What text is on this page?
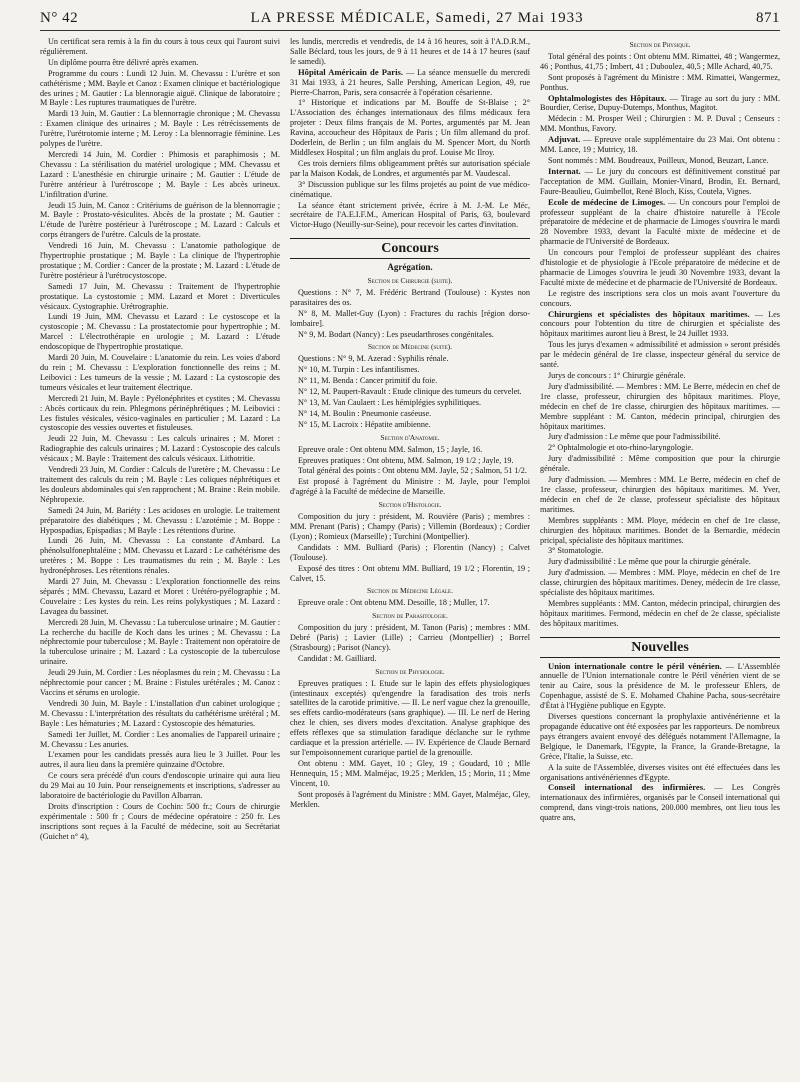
N° 42	LA PRESSE MÉDICALE, Samedi, 27 Mai 1933	871

Un certificat sera remis à la fin du cours à tous ceux qui l'auront suivi régulièrement.

Un diplôme pourra être délivré après examen.

Programme du cours : Lundi 12 Juin. M. Chevassu : L'urètre et son cathétérisme ; MM. Bayle et Canoz : Examen clinique et bactériologique des urines ; M. Gautier : La blennoragie aiguë. Clinique de laboratoire ; M Bayle : Les ruptures traumatiques de l'urètre.

Mardi 13 Juin, M. Gautier : La blennorragie chronique ; M. Chevassu : Examen clinique des urinaires ; M. Bayle : Les rétrécissements de l'urètre, l'urétrotomie interne ; M. Leroy : La blennorragie féminine. Les polypes de l'urètre.

Mercredi 14 Juin, M. Cordier : Phimosis et paraphimosis ; M. Chevassu : La stérilisation du matériel urologique ; MM. Chevassu et Lazard : L'anesthésie en chirurgie urinaire ; M. Gautier : L'étude de l'urètre antérieur à l'urétroscope ; M. Bayle : Les abcès urineux. L'infiltration d'urine.

Jeudi 15 Juin, M. Canoz : Critériums de guérison de la blennorragie ; M. Bayle : Prostato-vésiculites. Abcès de la prostate ; M. Gautier : L'étude de l'urètre postérieur à l'urétroscope ; M. Lazard : Calculs et corps étrangers de l'urètre. Calculs de la prostate.

Vendredi 16 Juin, M. Chevassu : L'anatomie pathologique de l'hypertrophie prostatique ; M. Bayle : La clinique de l'hypertrophie prostatique ; M. Cordier : Cancer de la prostate ; M. Lazard : L'étude de l'urètre postérieur à l'urétrocystoscope.

Samedi 17 Juin, M. Chevassu : Traitement de l'hypertrophie prostatique. La cystostomie ; MM. Lazard et Moret : Diverticules vésicaux. Cystographie. Urétrographie.

Lundi 19 Juin, MM. Chevassu et Lazard : Le cystoscope et la cystoscopie ; M. Chevassu : La prostatectomie pour hypertrophie ; M. Marcel : L'électrothérapie en urologie ; M. Lazard : L'étude endoscopique de l'hypertrophie prostatique.

Mardi 20 Juin, M. Couvelaire : L'anatomie du rein. Les voies d'abord du rein ; M. Chevassu : L'exploration fonctionnelle des reins ; M. Leibovici : Les tumeurs de la vessie ; M. Lazard : La cystoscopie des tumeurs vésicales et leur traitement électrique.

Mercredi 21 Juin, M. Bayle : Pyélonéphrites et cystites ; M. Chevassu : Abcès corticaux du rein. Phlegmons périnéphrétiques ; M. Leibovici : Les fistules vésicales, vésico-vaginales en particulier ; M. Lazard : La cystoscopie des vessies ouvertes et fistuleuses.

Jeudi 22 Juin, M. Chevassu : Les calculs urinaires ; M. Moret : Radiographie des calculs urinaires ; M. Lazard : Cystoscopie des calculs vésicaux ; M. Bayle : Traitement des calculs vésicaux. Lithotritie.

Vendredi 23 Juin, M. Cordier : Calculs de l'uretère ; M. Chevassu : Le traitement des calculs du rein ; M. Bayle : Les coliques néphrétiques et les douleurs abdominales qui s'en rapprochent ; M. Braine : Rein mobile. Néphropexie.

Samedi 24 Juin, M. Bariéty : Les acidoses en urologie. Le traitement préparatoire des diabétiques ; M. Chevassu : L'azotémie ; M. Boppe : Hypospadias, Epispadias ; M Bayle : Les rétentions d'urine.

Lundi 26 Juin, M. Chevassu : La constante d'Ambard. La phénolsulfonephtaléine ; MM. Chevassu et Lazard : Le cathétérisme des uretères ; M. Boppe : Les traumatismes du rein ; M. Bayle : Les hydronéphroses. Les rétentions rénales.

Mardi 27 Juin, M. Chevassu : L'exploration fonctionnelle des reins séparés ; MM. Chevassu, Lazard et Moret : Urétéro-pyélographie ; M. Couvelaire : Les kystes du rein. Les reins polykystiques ; M. Lazard : Lavagea du bassinet.

Mercredi 28 Juin, M. Chevassu : La tuberculose urinaire ; M. Gautier : La recherche du bacille de Koch dans les urines ; M. Chevassu : La néphrectomie pour tuberculose ; M. Bayle : Traitement non opératoire de la tuberculose urinaire ; M. Lazard : La cystoscopie de la tuberculose urinaire.

Jeudi 29 Juin, M. Cordier : Les néoplasmes du rein ; M. Chevassu : La néphrectomie pour cancer ; M. Braine : Fistules urétérales ; M. Canoz : Vaccins et sérums en urologie.

Vendredi 30 Juin, M. Bayle : L'installation d'un cabinet urologique ; M. Chevassu : L'interprétation des résultats du cathétérisme urétéral ; M. Bayle : Les hématuries ; M. Lazard : Cystoscopie des hématuries.

Samedi 1er Juillet, M. Cordier : Les anomalies de l'appareil urinaire ; M. Chevassu : Les anuries.

L'examen pour les candidats pressés aura lieu le 3 Juillet. Pour les autres, il aura lieu dans la première quinzaine d'Octobre.

Ce cours sera précédé d'un cours d'endoscopie urinaire qui aura lieu du 29 Mai au 10 Juin. Pour renseignements et inscriptions, s'adresser au laboratoire de bactériologie du Pavillon Albarran.

Droits d'inscription : Cours de Cochin: 500 fr.; Cours de chirurgie expérimentale : 500 fr ; Cours de médecine opératoire : 250 fr. Les inscriptions sont reçues à la Faculté de médecine, soit au Secrétariat (Guichet n° 4),

les lundis, mercredis et vendredis, de 14 à 16 heures, soit à l'A.D.R.M., Salle Béclard, tous les jours, de 9 à 11 heures et de 14 à 17 heures (sauf le samedi).

Hôpital Américain de Paris. — La séance mensuelle du mercredi 31 Mai 1933, à 21 heures, Salle Pershing, American Legion, 49, rue Pierre-Charron, Paris, sera consacrée à l'opération césarienne.

1° Historique et indications par M. Bouffe de St-Blaise ; 2° L'Association des échanges internationaux des films médicaux fera projeter : Deux films français de M. Portes, argumentés par M. Jean Ravina, accoucheur des Hôpitaux de Paris ; Un film allemand du prof. Doderlein, de Berlin ; un film anglais du M. Spencer Mort, du North Middlesex Hospital ; un film anglais du prof. Louise Mc Ilroy.

Ces trois derniers films obligeamment prêtés sur autorisation spéciale par la Maison Kodak, de Londres, et argumentés par M. Vaudescal.

3° Discussion publique sur les films projetés au point de vue médico-cinématique.

La séance étant strictement privée, écrire à M. J.-M. Le Méc, secrétaire de l'A.E.I.F.M., American Hospital of Paris, 63, boulevard Victor-Hugo (Neuilly-sur-Seine), pour recevoir les cartes d'invitation.

Concours
Agrégation.
Section de Chirurgie (suite).

Questions : N° 7, M. Frédéric Bertrand (Toulouse) : Kystes non parasitaires des os.

N° 8, M. Mallet-Guy (Lyon) : Fractures du rachis [région dorso-lombaire].

N° 9, M. Bodart (Nancy) : Les pseudarthroses congénitales.

Section de Médecine (suite).

Questions : N° 9, M. Azerad : Syphilis rénale.

N° 10, M. Turpin : Les infantilismes.

N° 11, M. Benda : Cancer primitif du foie.

N° 12, M. Paupert-Ravault : Etude clinique des tumeurs du cervelet.

N° 13, M. Van Caulaert : Les hémiplégies syphilitiques.

N° 14, M. Boulin : Pneumonie caséeuse.

N° 15, M. Lacroix : Hépatite amibienne.

Section d'Anatomie.

Epreuve orale : Ont obtenu MM. Salmon, 15 ; Jayle, 16.

Epreuves pratiques : Ont obtenu, MM. Salmon, 19 1/2 ; Jayle, 19.

Total général des points : Ont obtenu MM. Jayle, 52 ; Salmon, 51 1/2.

Est proposé à l'agrément du Ministre : M. Jayle, pour l'emploi d'agrégé à la Faculté de médecine de Marseille.

Section d'Histologie.

Composition du jury : président, M. Rouvière (Paris) ; membres : MM. Prenant (Paris) ; Champy (Paris) ; Villemin (Bordeaux) ; Cordier (Lyon) ; Romieux (Marseille) ; Turchini (Montpellier).

Candidats : MM. Bulliard (Paris) ; Florentin (Nancy) ; Calvet (Toulouse).

Exposé des titres : Ont obtenu MM. Bulliard, 19 1/2 ; Florentin, 19 ; Calvet, 15.

Section de Médecine Légale.

Epreuve orale : Ont obtenu MM. Desoille, 18 ; Muller, 17.

Section de Parasitologie.

Composition du jury : président, M. Tanon (Paris) ; membres : MM. Debré (Paris) ; Lavier (Lille) ; Carrieu (Montpellier) ; Borrel (Strasbourg) ; Parisot (Nancy).

Candidat : M. Gailliard.

Section de Physiologie.

Epreuves pratiques : I. Etude sur le lapin des effets physiologiques (intestinaux exceptés) qu'engendre la faradisation des trois nerfs satellites de la carotide primitive. — II. Le nerf vague chez la grenouille, ses effets cardio-modérateurs (sans graphique). — III. Le nerf de Hering chez le chien, ses divers modes d'excitation. Analyse graphique des effets réflexes que sa stimulation faradique déclanche sur le rythme cardiaque et la pression artérielle. — IV. Expérience de Claude Bernard sur l'empoisonnement curarique partiel de la grenouille.

Ont obtenu : MM. Gayet, 10 ; Gley, 19 ; Goudard, 10 ; Mlle Hennequin, 15 ; MM. Malméjac, 19.25 ; Merklen, 15 ; Morin, 11 ; Mme Vincent, 10.

Sont proposés à l'agrément du Ministre : MM. Gayet, Malméjac, Gley, Merklen.

Section de Physique.

Total général des points : Ont obtenu MM. Rimattei, 48 ; Wangermez, 46 ; Ponthus, 41,75 ; Imbert, 41 ; Duboulez, 40,5 ; Mlle Achard, 40,75.

Sont proposés à l'agrément du Ministre : MM. Rimattei, Wangermez, Ponthus.

Ophtalmologistes des Hôpitaux. — Tirage au sort du jury : MM. Bourdier, Cerise, Dupuy-Dutemps, Monthus, Magitot.

Médecin : M. Prosper Weil ; Chirurgien : M. P. Duval ; Censeurs : MM. Monthus, Favory.

Adjuvat. — Epreuve orale supplémentaire du 23 Mai. Ont obtenu : MM. Lance, 19 ; Mutricy, 18.

Sont nommés : MM. Boudreaux, Poilleux, Monod, Beuzart, Lance.

Internat. — Le jury du concours est définitivement constitué par l'acceptation de MM. Guillain, Monier-Vinard, Brodin, Et. Bernard, Faure-Beaulieu, Guimbellot, René Bloch, Kiss, Coutela, Vignes.

Ecole de médecine de Limoges. — Un concours pour l'emploi de professeur suppléant de la chaire d'histoire naturelle à l'Ecole préparatoire de médecine et de pharmacie de Limoges s'ouvrira le mardi 28 Novembre 1933, devant la Faculté mixte de médecine et de pharmacie de l'Université de Bordeaux.

Un concours pour l'emploi de professeur suppléant des chaires d'histologie et de physiologie à l'Ecole préparatoire de médecine et de pharmacie de Limoges s'ouvrira le jeudi 30 Novembre 1933, devant la Faculté mixte de médecine et de pharmacie de l'Université de Bordeaux.

Le registre des inscriptions sera clos un mois avant l'ouverture du concours.

Chirurgiens et spécialistes des hôpitaux maritimes. — Les concours pour l'obtention du titre de chirurgien et spécialiste des hôpitaux maritimes auront lieu à Brest, le 24 Juillet 1933.

Tous les jurys d'examen « admissibilité et admission » seront présidés par le médecin général de 1re classe, inspecteur général du service de santé.

Jurys de concours : 1° Chirurgie générale.

Jury d'admissibilité. — Membres : MM. Le Berre, médecin en chef de 1re classe, professeur, chirurgien des hôpitaux maritimes. Ploye, médecin en chef de 1re classe, chirurgien des hôpitaux maritimes. — Membre suppléant : M. Canton, médecin principal, chirurgien des hôpitaux maritimes.

Jury d'admission : Le même que pour l'admissibilité.

2° Ophtalmologie et oto-rhino-laryngologie.

Jury d'admissibilité : Même composition que pour la chirurgie générale.

Jury d'admission. — Membres : MM. Le Berre, médecin en chef de 1re classe, professeur, chirurgien des hôpitaux maritimes. M. Yver, médecin en chef de 2e classe, professeur spécialiste des hôpitaux maritimes.

Membres suppléants : MM. Ploye, médecin en chef de 1re classe, chirurgien des hôpitaux maritimes. Bondet de la Bernardie, médecin pricipal, spécialiste des hôpitaux maritimes.

3° Stomatologie.

Jury d'admissibilité : Le même que pour la chirurgie générale.

Jury d'admission. — Membres : MM. Ploye, médecin en chef de 1re classe, chirurgien des hôpitaux maritimes. Deney, médecin de 1re classe, spécialiste des hôpitaux maritimes.

Membres suppléants : MM. Canton, médecin principal, chirurgien des hôpitaux maritimes. Fermond, médecin en chef de 2e classe, spécialiste des hôpitaux maritimes.

Nouvelles

Union internationale contre le péril vénérien. — L'Assemblée annuelle de l'Union internationale contre le Péril vénérien vient de se tenir au Caire, sous la présidence de M. le professeur Ehlers, de Copenhague, assisté de S. E. Mohamed Chahine Pacha, sous-secrétaire d'État à l'Hygiène publique en Egypte.

Diverses questions concernant la prophylaxie antivénérienne et la propagande éducative ont été exposées par les rapporteurs. De nombreux pays étrangers avaient envoyé des délégués notamment l'Allemagne, la Belgique, le Danemark, l'Egypte, la France, la Grande-Bretagne, la Grèce, l'Italie, la Suisse, etc.

A la suite de l'Assemblée, diverses visites ont été effectuées dans les organisations antivénériennes d'Egypte.

Conseil international des infirmières. — Les Congrès internationaux des infirmières, organisés par le Conseil international qui comprend, dans vingt-trois nations, 200.000 membres, ont lieu tous les quatre ans,
